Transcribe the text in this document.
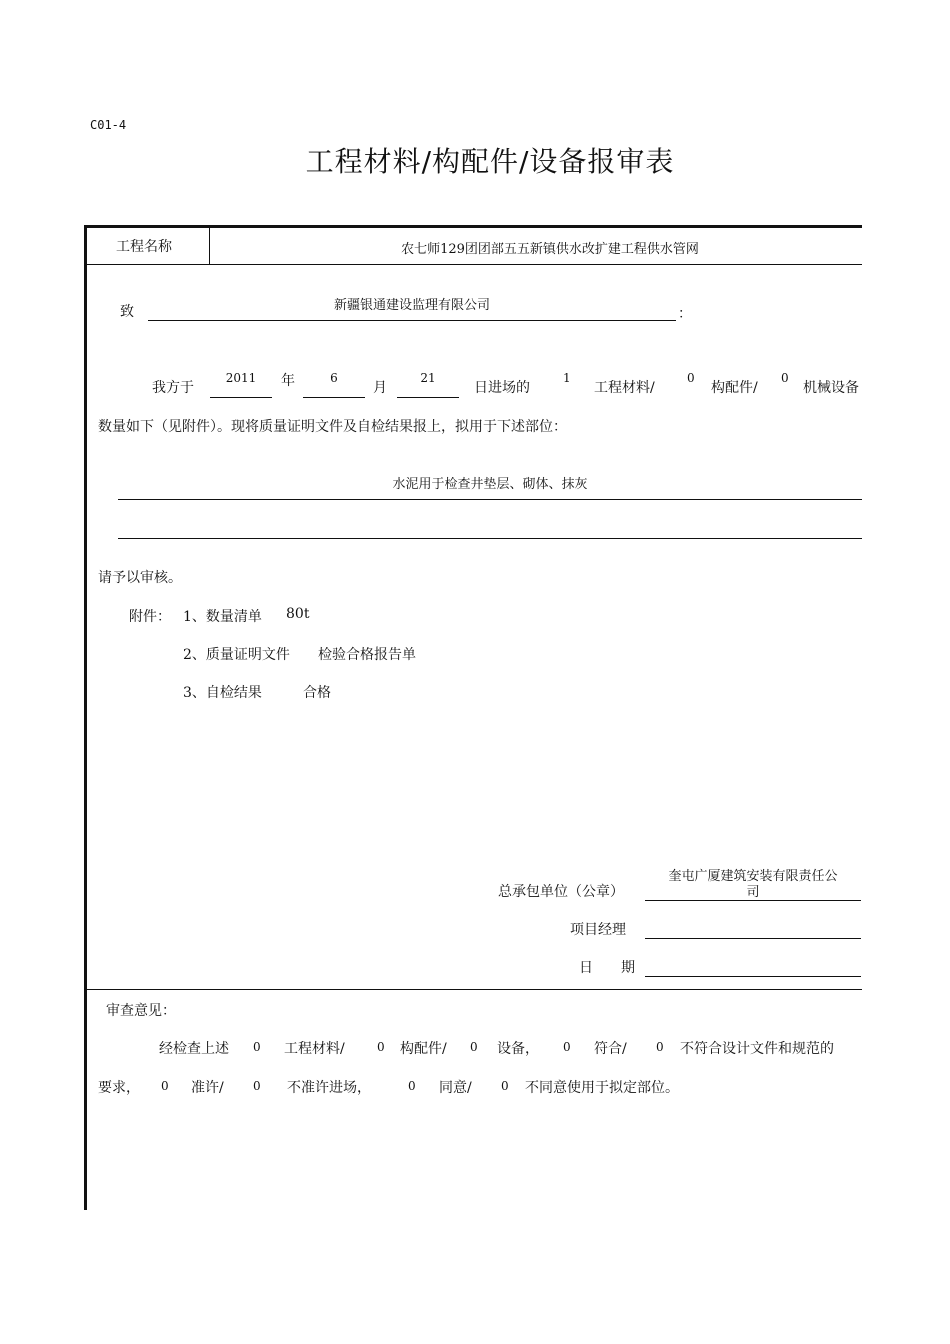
C01-4
工程材料/构配件/设备报审表
工程名称	农七师129团团部五五新镇供水改扩建工程供水管网
致	新疆银通建设监理有限公司
：
我方于
2011	年	6
月
21
日进场的
1
工程材料/
0
构配件/
0
机械设备
数量如下（见附件）。现将质量证明文件及自检结果报上，拟用于下述部位：
水泥用于检查井垫层、砌体、抹灰
请予以审核。
附件： 1、数量清单 80t
2、质量证明文件 检验合格报告单
3、自检结果	合格
总承包单位（公章）
奎屯广厦建筑安装有限责任公
司
项目经理
日　　期
审查意见：
经检查上述 0 工程材料/	0 构配件/ 0 设备， 0 符合/ 0 不符合设计文件和规范的
要求， 0 准许/ 0 不准许进场，	0 同意/ 0 不同意使用于拟定部位。
